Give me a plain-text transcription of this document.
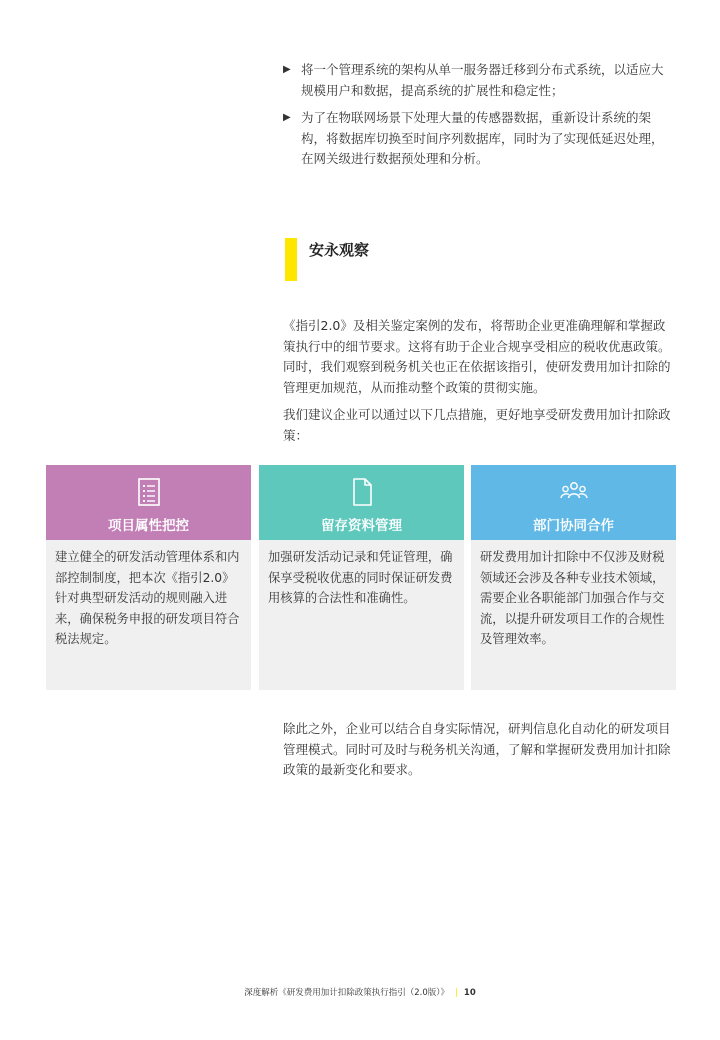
▶ 将一个管理系统的架构从单一服务器迁移到分布式系统，以适应大规模用户和数据，提高系统的扩展性和稳定性；
▶ 为了在物联网场景下处理大量的传感器数据，重新设计系统的架构，将数据库切换至时间序列数据库，同时为了实现低延迟处理，在网关级进行数据预处理和分析。
安永观察
《指引2.0》及相关鉴定案例的发布，将帮助企业更准确理解和掌握政策执行中的细节要求。这将有助于企业合规享受相应的税收优惠政策。同时，我们观察到税务机关也正在依据该指引，使研发费用加计扣除的管理更加规范，从而推动整个政策的贯彻实施。
我们建议企业可以通过以下几点措施，更好地享受研发费用加计扣除政策：
项目属性把控
建立健全的研发活动管理体系和内部控制制度，把本次《指引2.0》针对典型研发活动的规则融入进来，确保税务申报的研发项目符合税法规定。
留存资料管理
加强研发活动记录和凭证管理，确保享受税收优惠的同时保证研发费用核算的合法性和准确性。
部门协同合作
研发费用加计扣除中不仅涉及财税领域还会涉及各种专业技术领域，需要企业各职能部门加强合作与交流，以提升研发项目工作的合规性及管理效率。
除此之外，企业可以结合自身实际情况，研判信息化自动化的研发项目管理模式。同时可及时与税务机关沟通，了解和掌握研发费用加计扣除政策的最新变化和要求。
深度解析《研发费用加计扣除政策执行指引（2.0版）》 | 10
